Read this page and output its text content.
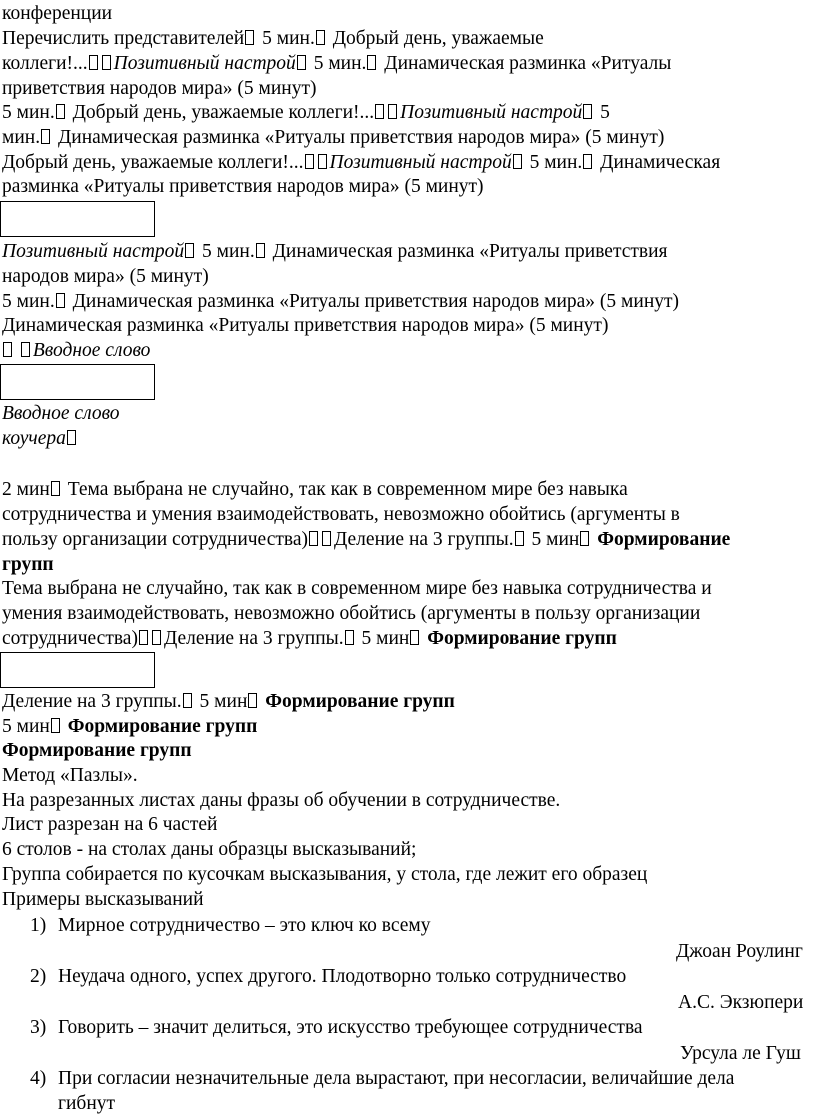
конференции
Перечислить представителей 5 мин. Добрый день, уважаемые
коллеги!... Позитивный настрой 5 мин. Динамическая разминка «Ритуалы
приветствия народов мира» (5 минут)
5 мин. Добрый день, уважаемые коллеги!... Позитивный настрой 5
мин. Динамическая разминка «Ритуалы приветствия народов мира» (5 минут)
Добрый день, уважаемые коллеги!... Позитивный настрой 5 мин. Динамическая
разминка «Ритуалы приветствия народов мира» (5 минут)
Позитивный настрой 5 мин. Динамическая разминка «Ритуалы приветствия
народов мира» (5 минут)
5 мин. Динамическая разминка «Ритуалы приветствия народов мира» (5 минут)
Динамическая разминка «Ритуалы приветствия народов мира» (5 минут)
Вводное слово
Вводное слово
коучера
2 мин Тема выбрана не случайно, так как в современном мире без навыка
сотрудничества и умения взаимодействовать, невозможно обойтись (аргументы в
пользу организации сотрудничества) Деление на 3 группы. 5 мин Формирование
групп
Тема выбрана не случайно, так как в современном мире без навыка сотрудничества и
умения взаимодействовать, невозможно обойтись (аргументы в пользу организации
сотрудничества) Деление на 3 группы. 5 мин Формирование групп
Деление на 3 группы. 5 мин Формирование групп
5 мин Формирование групп
Формирование групп
Метод «Пазлы».
На разрезанных листах даны фразы об обучении в сотрудничестве.
Лист разрезан на 6 частей
6 столов - на столах даны образцы высказываний;
Группа собирается по кусочкам высказывания, у стола, где лежит его образец
Примеры высказываний
1) Мирное сотрудничество – это ключ ко всему
Джоан Роулинг
2) Неудача одного, успех другого. Плодотворно только сотрудничество
А.С. Экзюпери
3) Говорить – значит делиться, это искусство требующее сотрудничества
Урсула ле Гуш
4) При согласии незначительные дела вырастают, при несогласии, величайшие дела
гибнут
